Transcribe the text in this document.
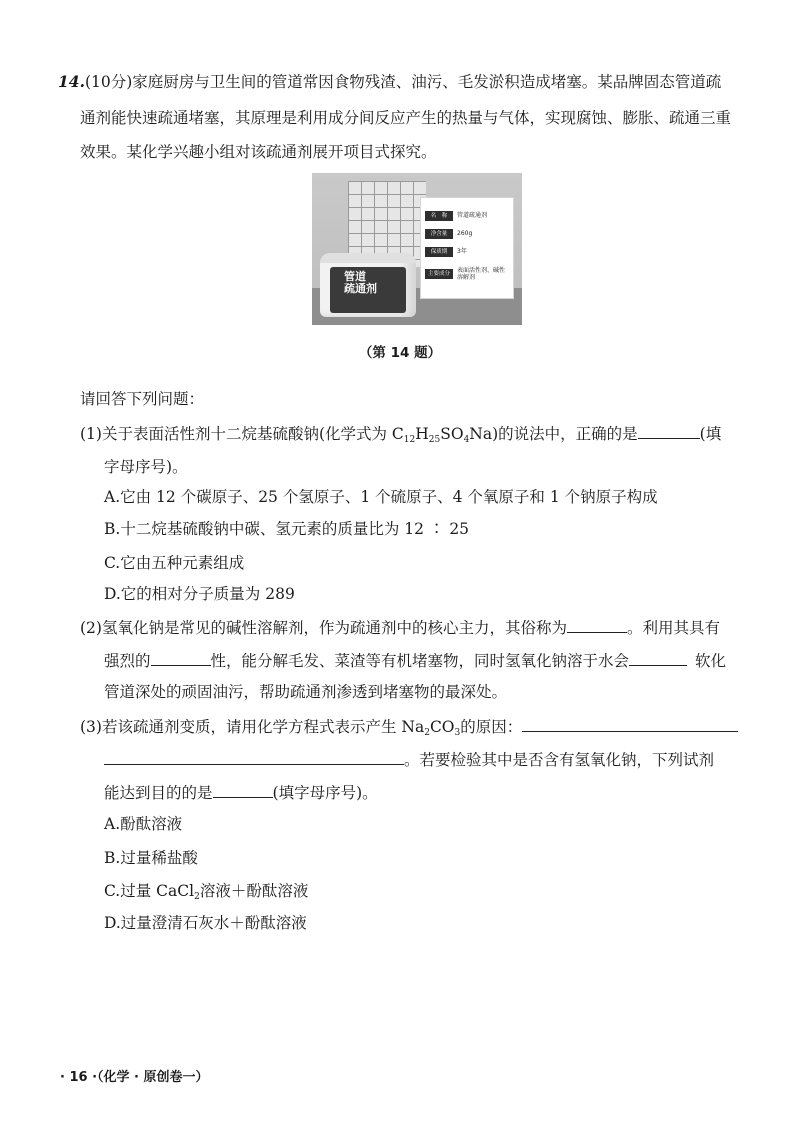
14.(10分)家庭厨房与卫生间的管道常因食物残渣、油污、毛发淤积造成堵塞。某品牌固态管道疏
通剂能快速疏通堵塞，其原理是利用成分间反应产生的热量与气体，实现腐蚀、膨胀、疏通三重
效果。某化学兴趣小组对该疏通剂展开项目式探究。
管道
疏通剂
名　称	管道疏通剂
净含量	260g
保质期	3年
主要成分	表面活性剂、碱性溶解剂
（第 14 题）
请回答下列问题：
(1)关于表面活性剂十二烷基硫酸钠(化学式为 $C_{12}H_{25}SO_4Na$)的说法中，正确的是	(填
字母序号)。
A.它由 12 个碳原子、25 个氢原子、1 个硫原子、4 个氧原子和 1 个钠原子构成
B.十二烷基硫酸钠中碳、氢元素的质量比为 12 ∶ 25
C.它由五种元素组成
D.它的相对分子质量为 289
(2)氢氧化钠是常见的碱性溶解剂，作为疏通剂中的核心主力，其俗称为	。利用其具有
强烈的	性，能分解毛发、菜渣等有机堵塞物，同时氢氧化钠溶于水会	软化
管道深处的顽固油污，帮助疏通剂渗透到堵塞物的最深处。
(3)若该疏通剂变质，请用化学方程式表示产生 $Na_2CO_3$的原因：
。若要检验其中是否含有氢氧化钠，下列试剂
能达到目的的是	(填字母序号)。
A.酚酞溶液
B.过量稀盐酸
C.过量 CaCl$_2$溶液＋酚酞溶液
D.过量澄清石灰水＋酚酞溶液
· 16 ·（化学 · 原创卷一）
